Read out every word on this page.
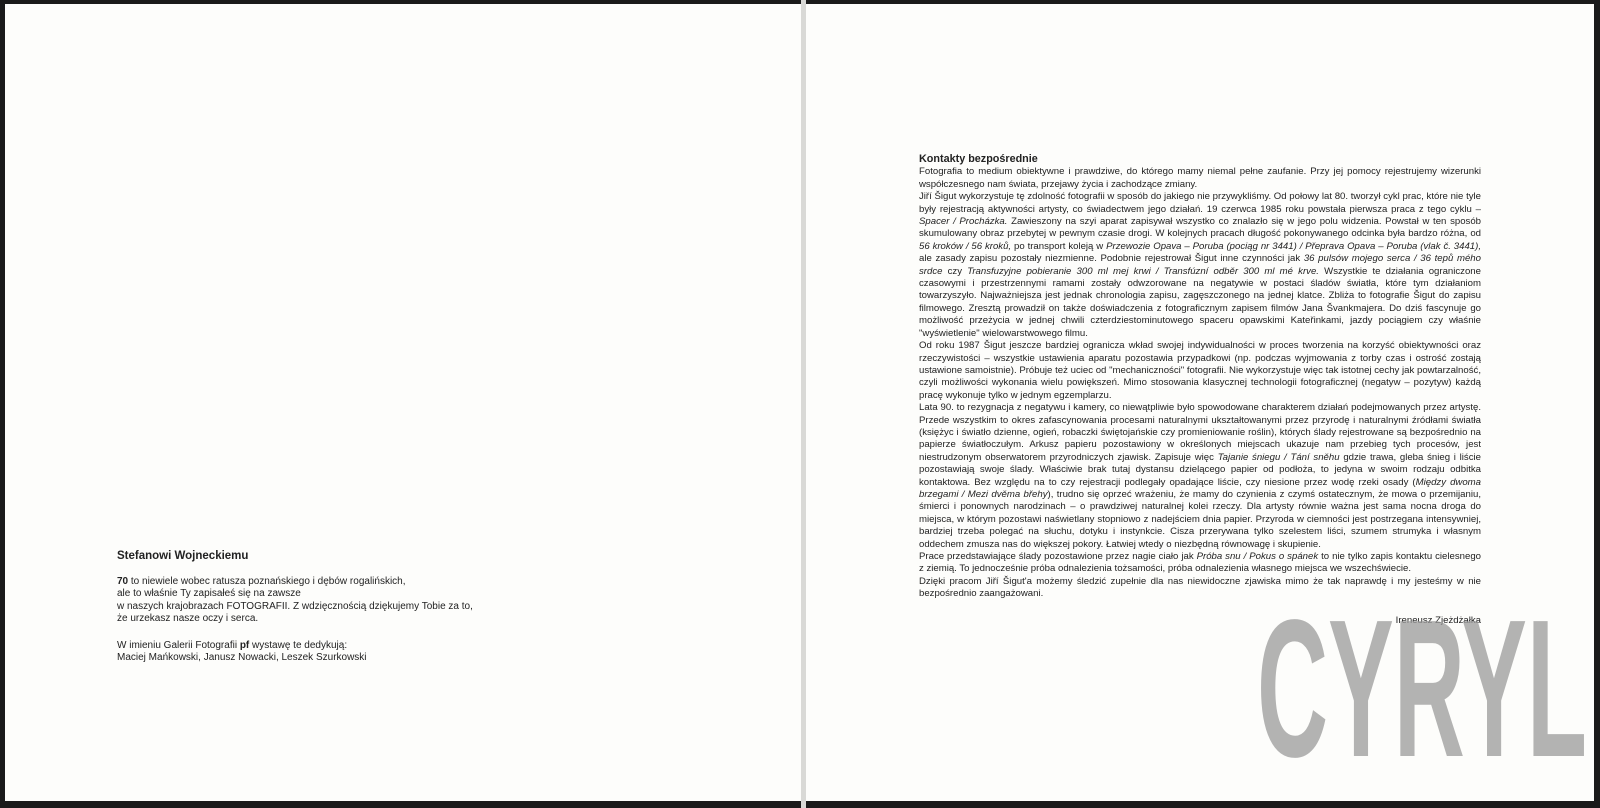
Stefanowi Wojneckiemu

70 to niewiele wobec ratusza poznańskiego i dębów rogalińskich,

ale to właśnie Ty zapisałeś się na zawsze

w naszych krajobrazach FOTOGRAFII. Z wdzięcznością dziękujemy Tobie za to,

że urzekasz nasze oczy i serca.

W imieniu Galerii Fotografii pf wystawę te dedykują:

Maciej Mańkowski, Janusz Nowacki, Leszek Szurkowski

Kontakty bezpośrednie

Fotografia to medium obiektywne i prawdziwe, do którego mamy niemal pełne zaufanie. Przy jej pomocy rejestrujemy wizerunki współczesnego nam świata, przejawy życia i zachodzące zmiany.

Jiří Šigut wykorzystuje tę zdolność fotografii w sposób do jakiego nie przywykliśmy. Od połowy lat 80. tworzył cykl prac, które nie tyle były rejestracją aktywności artysty, co świadectwem jego działań. 19 czerwca 1985 roku powstała pierwsza praca z tego cyklu – Spacer / Procházka. Zawieszony na szyi aparat zapisywał wszystko co znalazło się w jego polu widzenia. Powstał w ten sposób skumulowany obraz przebytej w pewnym czasie drogi. W kolejnych pracach długość pokonywanego odcinka była bardzo różna, od 56 kroków / 56 kroků, po transport koleją w Przewozie Opava – Poruba (pociąg nr 3441) / Přeprava Opava – Poruba (vlak č. 3441), ale zasady zapisu pozostały niezmienne. Podobnie rejestrował Šigut inne czynności jak 36 pulsów mojego serca / 36 tepů mého srdce czy Transfuzyjne pobieranie 300 ml mej krwi / Transfúzní odběr 300 ml mé krve. Wszystkie te działania ograniczone czasowymi i przestrzennymi ramami zostały odwzorowane na negatywie w postaci śladów światła, które tym działaniom towarzyszyło. Najważniejsza jest jednak chronologia zapisu, zagęszczonego na jednej klatce. Zbliża to fotografie Šigut do zapisu filmowego. Zresztą prowadził on także doświadczenia z fotograficznym zapisem filmów Jana Švankmajera. Do dziś fascynuje go możliwość przeżycia w jednej chwili czterdziestominutowego spaceru opawskimi Kateřinkami, jazdy pociągiem czy właśnie "wyświetlenie" wielowarstwowego filmu.

Od roku 1987 Šigut jeszcze bardziej ogranicza wkład swojej indywidualności w proces tworzenia na korzyść obiektywności oraz rzeczywistości – wszystkie ustawienia aparatu pozostawia przypadkowi (np. podczas wyjmowania z torby czas i ostrość zostają ustawione samoistnie). Próbuje też uciec od "mechaniczności" fotografii. Nie wykorzystuje więc tak istotnej cechy jak powtarzalność, czyli możliwości wykonania wielu powiększeń. Mimo stosowania klasycznej technologii fotograficznej (negatyw – pozytyw) każdą pracę wykonuje tylko w jednym egzemplarzu.

Lata 90. to rezygnacja z negatywu i kamery, co niewątpliwie było spowodowane charakterem działań podejmowanych przez artystę. Przede wszystkim to okres zafascynowania procesami naturalnymi ukształtowanymi przez przyrodę i naturalnymi źródłami światła (księżyc i światło dzienne, ogień, robaczki świętojańskie czy promieniowanie roślin), których ślady rejestrowane są bezpośrednio na papierze światłoczułym. Arkusz papieru pozostawiony w określonych miejscach ukazuje nam przebieg tych procesów, jest niestrudzonym obserwatorem przyrodniczych zjawisk. Zapisuje więc Tajanie śniegu / Tání sněhu gdzie trawa, gleba śnieg i liście pozostawiają swoje ślady. Właściwie brak tutaj dystansu dzielącego papier od podłoża, to jedyna w swoim rodzaju odbitka kontaktowa. Bez względu na to czy rejestracji podlegały opadające liście, czy niesione przez wodę rzeki osady (Między dwoma brzegami / Mezi dvěma břehy), trudno się oprzeć wrażeniu, że mamy do czynienia z czymś ostatecznym, że mowa o przemijaniu, śmierci i ponownych narodzinach – o prawdziwej naturalnej kolei rzeczy. Dla artysty równie ważna jest sama nocna droga do miejsca, w którym pozostawi naświetlany stopniowo z nadejściem dnia papier. Przyroda w ciemności jest postrzegana intensywniej, bardziej trzeba polegać na słuchu, dotyku i instynkcie. Cisza przerywana tylko szelestem liści, szumem strumyka i własnym oddechem zmusza nas do większej pokory. Łatwiej wtedy o niezbędną równowagę i skupienie.

Prace przedstawiające ślady pozostawione przez nagie ciało jak Próba snu / Pokus o spánek to nie tylko zapis kontaktu cielesnego z ziemią. To jednocześnie próba odnalezienia tożsamości, próba odnalezienia własnego miejsca we wszechświecie.

Dzięki pracom Jiří Šigut'a możemy śledzić zupełnie dla nas niewidoczne zjawiska mimo że tak naprawdę i my jesteśmy w nie bezpośrednio zaangażowani.

Ireneusz Zjeżdżałka
CYRYL
